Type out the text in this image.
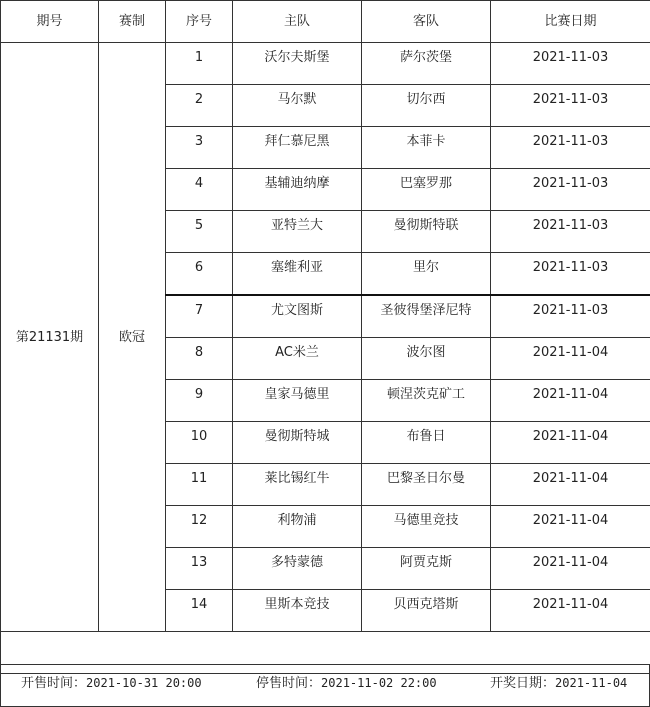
期号	赛制	序号	主队	客队	比赛日期
第21131期	欧冠	1	沃尔夫斯堡	萨尔茨堡	2021-11-03
		2	马尔默	切尔西	2021-11-03
		3	拜仁慕尼黑	本菲卡	2021-11-03
		4	基辅迪纳摩	巴塞罗那	2021-11-03
		5	亚特兰大	曼彻斯特联	2021-11-03
		6	塞维利亚	里尔	2021-11-03
		7	尤文图斯	圣彼得堡泽尼特	2021-11-03
		8	AC米兰	波尔图	2021-11-04
		9	皇家马德里	顿涅茨克矿工	2021-11-04
		10	曼彻斯特城	布鲁日	2021-11-04
		11	莱比锡红牛	巴黎圣日尔曼	2021-11-04
		12	利物浦	马德里竞技	2021-11-04
		13	多特蒙德	阿贾克斯	2021-11-04
		14	里斯本竞技	贝西克塔斯	2021-11-04

开售时间：2021-10-31 20:00	停售时间：2021-11-02 22:00	开奖日期：2021-11-04
